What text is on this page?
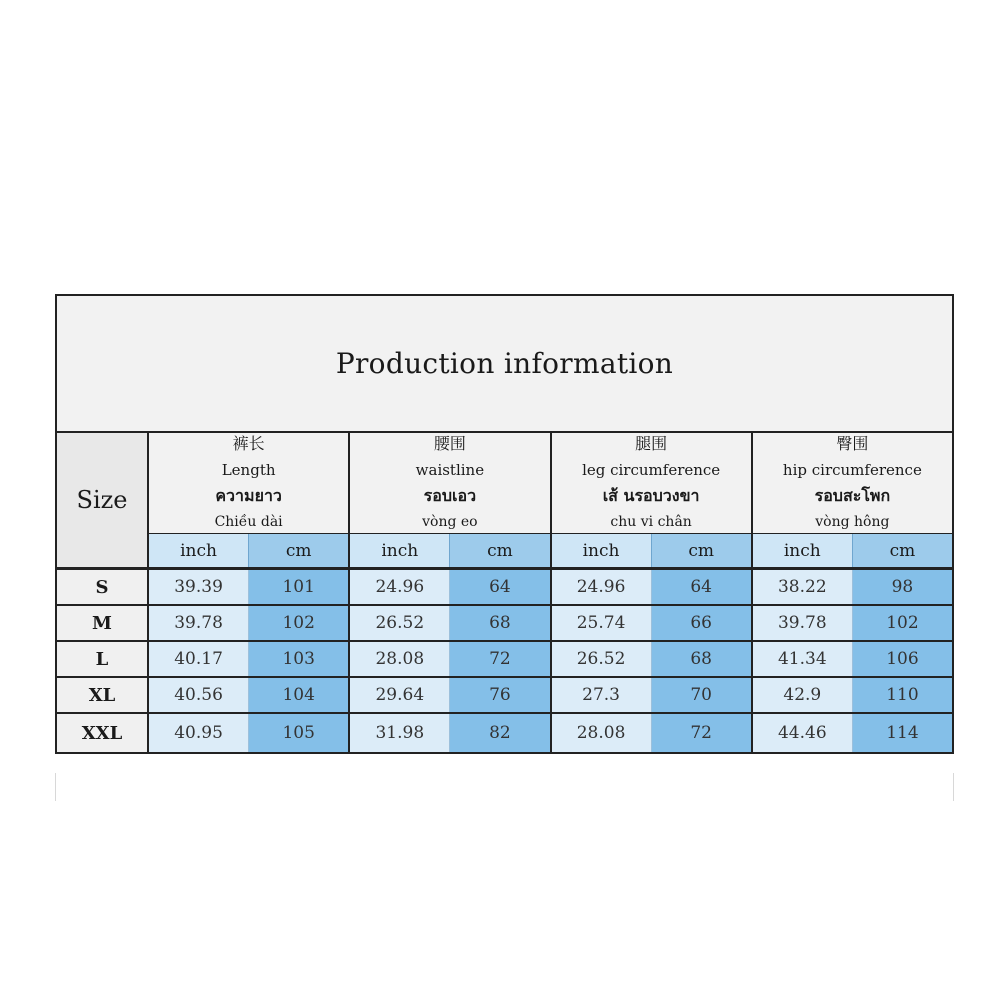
Production information
Size
裤长
Length
ความยาว
Chiều dài
inch	cm
腰围
waistline
รอบเอว
vòng eo
inch	cm
腿围
leg circumference
เส้ นรอบวงขา
chu vi chân
inch	cm
臀围
hip circumference
รอบสะโพก
vòng hông
inch	cm
S	39.39	101	24.96	64	24.96	64	38.22	98
M	39.78	102	26.52	68	25.74	66	39.78	102
L	40.17	103	28.08	72	26.52	68	41.34	106
XL	40.56	104	29.64	76	27.3	70	42.9	110
XXL	40.95	105	31.98	82	28.08	72	44.46	114
